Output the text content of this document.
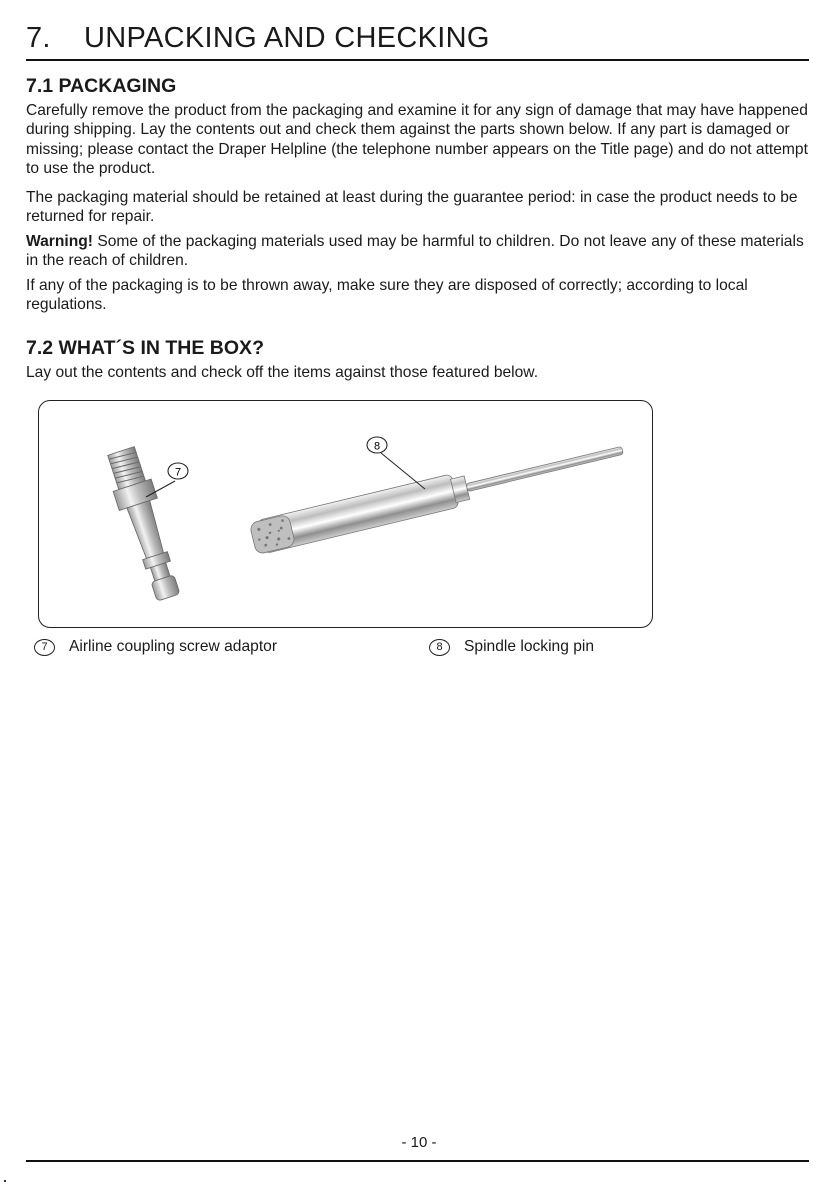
7. UNPACKING AND CHECKING
7.1 PACKAGING

Carefully remove the product from the packaging and examine it for any sign of damage that may have happened during shipping. Lay the contents out and check them against the parts shown below. If any part is damaged or missing; please contact the Draper Helpline (the telephone number appears on the Title page) and do not attempt to use the product.

The packaging material should be retained at least during the guarantee period: in case the product needs to be returned for repair.

Warning! Some of the packaging materials used may be harmful to children. Do not leave any of these materials in the reach of children.

If any of the packaging is to be thrown away, make sure they are disposed of correctly; according to local regulations.

7.2 WHAT´S IN THE BOX?

Lay out the contents and check off the items against those featured below.

7
8
7	Airline coupling screw adaptor	8	Spindle locking pin
- 10 -
